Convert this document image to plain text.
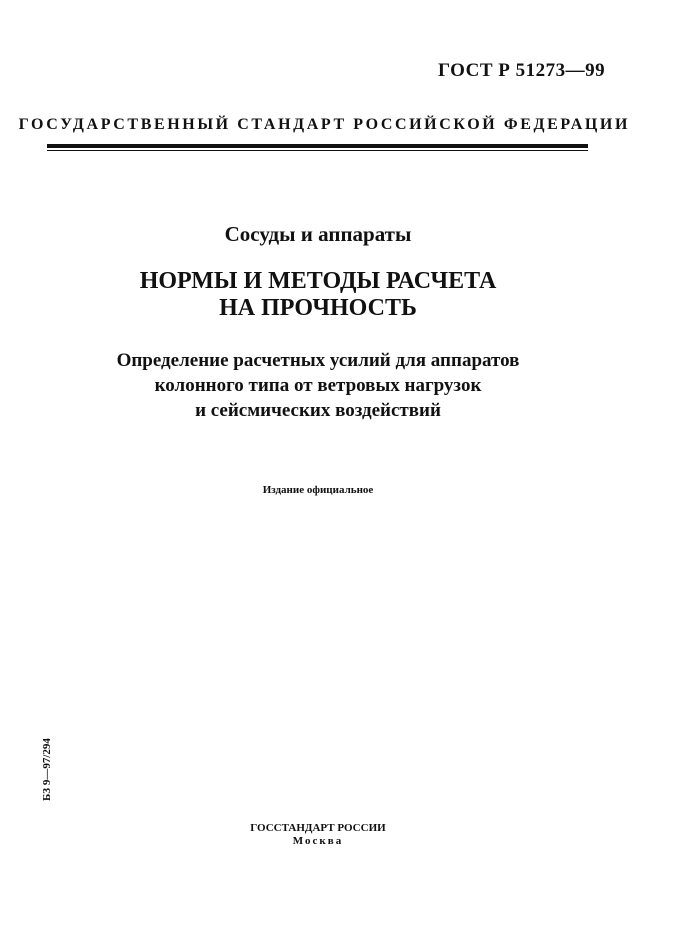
ГОСТ Р 51273—99
ГОСУДАРСТВЕННЫЙ СТАНДАРТ РОССИЙСКОЙ ФЕДЕРАЦИИ
Сосуды и аппараты
НОРМЫ И МЕТОДЫ РАСЧЕТА
НА ПРОЧНОСТЬ
Определение расчетных усилий для аппаратов
колонного типа от ветровых нагрузок
и сейсмических воздействий
Издание официальное
БЗ 9—97/294
ГОССТАНДАРТ РОССИИ
Москва
